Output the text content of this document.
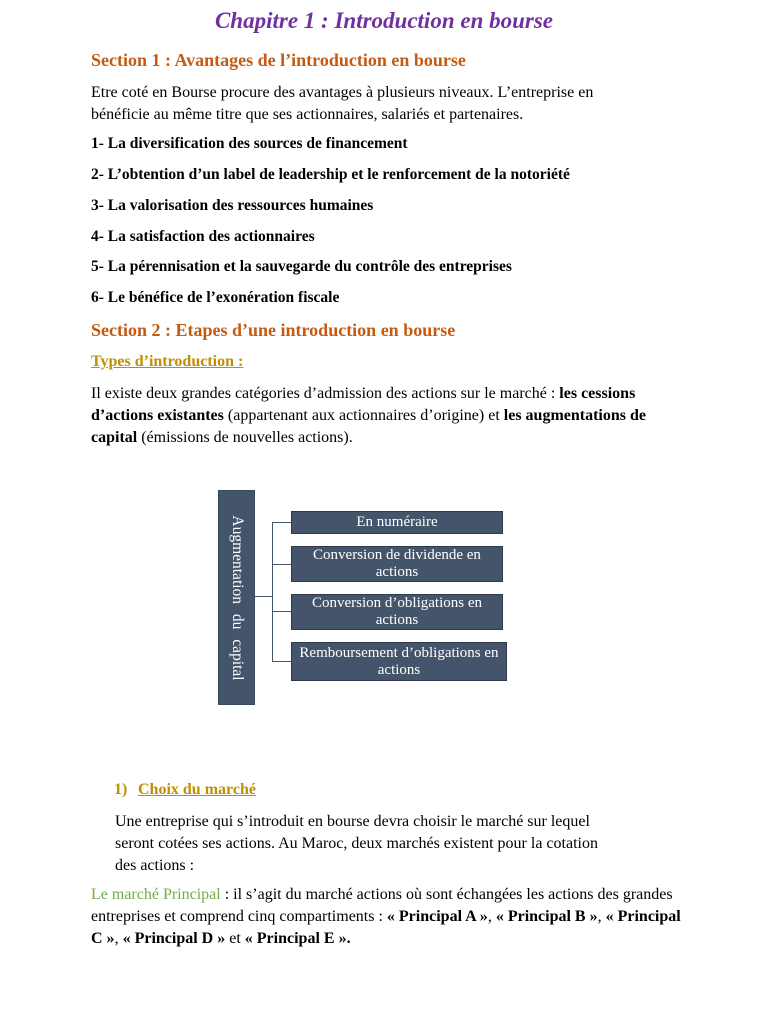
Chapitre 1 : Introduction en bourse
Section 1 : Avantages de l’introduction en bourse
Etre coté en Bourse procure des avantages à plusieurs niveaux. L’entreprise en
bénéficie au même titre que ses actionnaires, salariés et partenaires.
1- La diversification des sources de financement
2- L’obtention d’un label de leadership et le renforcement de la notoriété
3- La valorisation des ressources humaines
4- La satisfaction des actionnaires
5- La pérennisation et la sauvegarde du contrôle des entreprises
6- Le bénéfice de l’exonération fiscale
Section 2 : Etapes d’une introduction en bourse
Types d’introduction :
Il existe deux grandes catégories d’admission des actions sur le marché : les cessions d’actions existantes (appartenant aux actionnaires d’origine) et les augmentations de capital (émissions de nouvelles actions).
Augmentation du capital	En numéraire
Conversion de dividende en actions
Conversion d’obligations en actions
Remboursement d’obligations en actions
1) Choix du marché
Une entreprise qui s’introduit en bourse devra choisir le marché sur lequel
seront cotées ses actions. Au Maroc, deux marchés existent pour la cotation
des actions :
Le marché Principal : il s’agit du marché actions où sont échangées les actions des grandes entreprises et comprend cinq compartiments : « Principal A », « Principal B », « Principal C », « Principal D » et « Principal E ».
